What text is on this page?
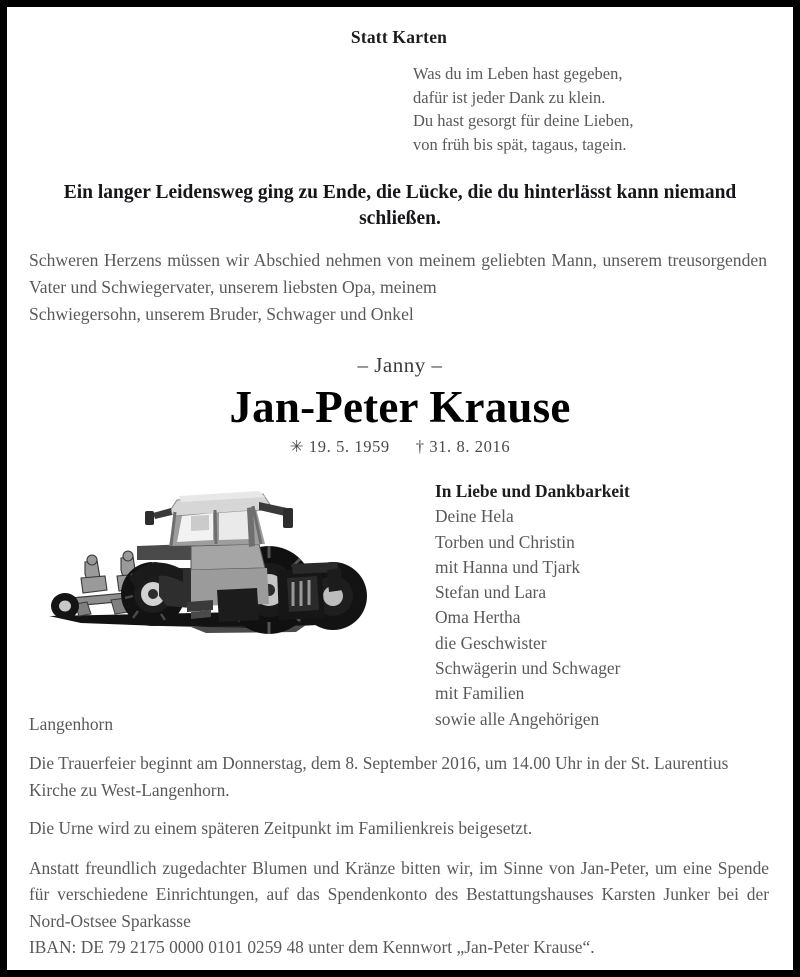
Statt Karten
Was du im Leben hast gegeben,
dafür ist jeder Dank zu klein.
Du hast gesorgt für deine Lieben,
von früh bis spät, tagaus, tagein.
Ein langer Leidensweg ging zu Ende, die Lücke, die du hinterlässt kann niemand schließen.
Schweren Herzens müssen wir Abschied nehmen von meinem geliebten Mann, unserem treusorgenden Vater und Schwiegervater, unserem liebsten Opa, meinem
Schwiegersohn, unserem Bruder, Schwager und Onkel
– Janny –
Jan-Peter Krause
✳ 19. 5. 1959 † 31. 8. 2016
In Liebe und Dankbarkeit
Deine Hela
Torben und Christin
mit Hanna und Tjark
Stefan und Lara
Oma Hertha
die Geschwister
Schwägerin und Schwager
mit Familien
sowie alle Angehörigen
Langenhorn
Die Trauerfeier beginnt am Donnerstag, dem 8. September 2016, um 14.00 Uhr in der St. Laurentius Kirche zu West-Langenhorn.
Die Urne wird zu einem späteren Zeitpunkt im Familienkreis beigesetzt.
Anstatt freundlich zugedachter Blumen und Kränze bitten wir, im Sinne von Jan-Peter, um eine Spende für verschiedene Einrichtungen, auf das Spendenkonto des Bestattungshauses Karsten Junker bei der Nord-Ostsee Sparkasse
IBAN: DE 79 2175 0000 0101 0259 48 unter dem Kennwort „Jan-Peter Krause“.
